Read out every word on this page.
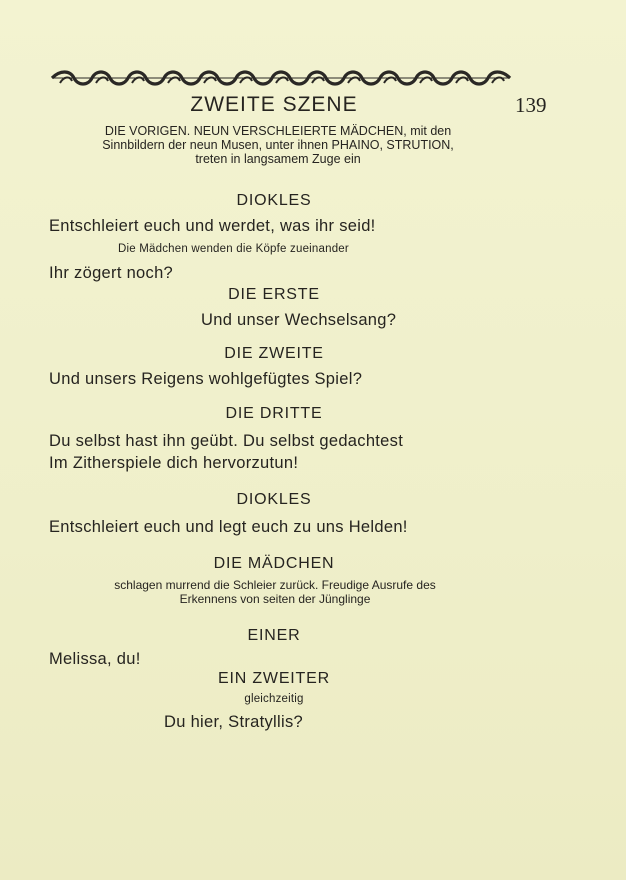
ZWEITE SZENE	139
DIE VORIGEN. NEUN VERSCHLEIERTE MÄDCHEN, mit den
Sinnbildern der neun Musen, unter ihnen PHAINO, STRUTION,
treten in langsamem Zuge ein
DIOKLES
Entschleiert euch und werdet, was ihr seid!
Die Mädchen wenden die Köpfe zueinander
Ihr zögert noch?
DIE ERSTE
Und unser Wechselsang?
DIE ZWEITE
Und unsers Reigens wohlgefügtes Spiel?
DIE DRITTE
Du selbst hast ihn geübt. Du selbst gedachtest
Im Zitherspiele dich hervorzutun!
DIOKLES
Entschleiert euch und legt euch zu uns Helden!
DIE MÄDCHEN
schlagen murrend die Schleier zurück. Freudige Ausrufe des
Erkennens von seiten der Jünglinge
EINER
Melissa, du!
EIN ZWEITER
gleichzeitig
Du hier, Stratyllis?
